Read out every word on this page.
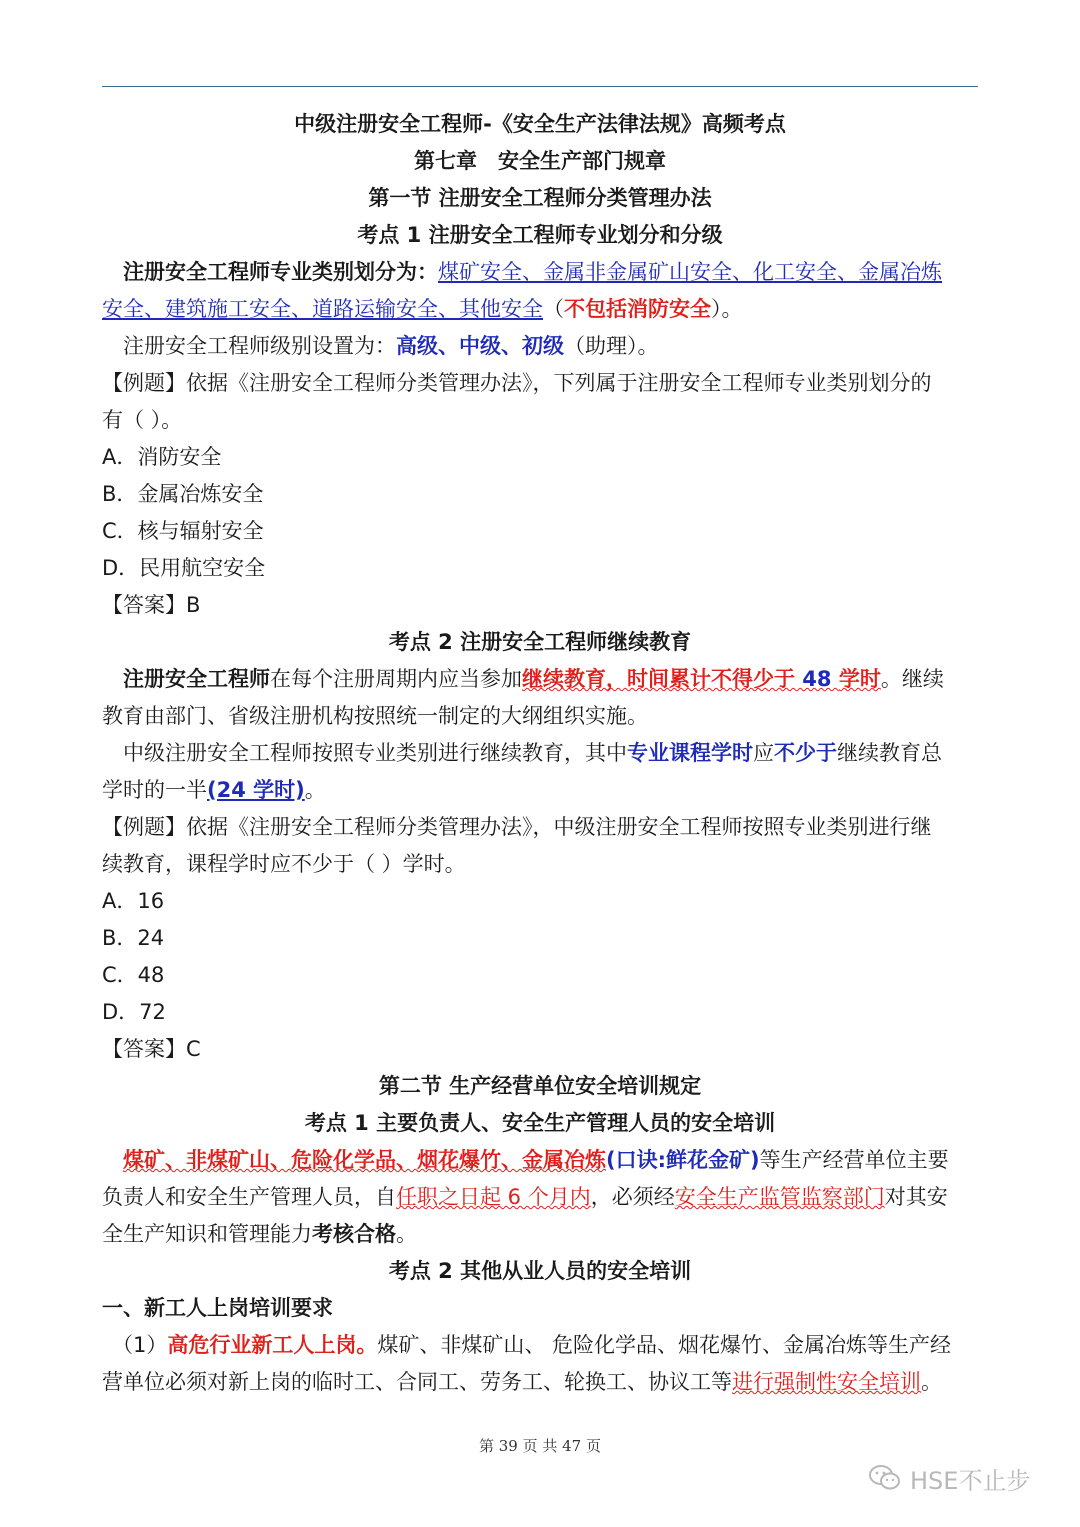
中级注册安全工程师-《安全生产法律法规》高频考点
第七章　安全生产部门规章
第一节 注册安全工程师分类管理办法
考点 1 注册安全工程师专业划分和分级
注册安全工程师专业类别划分为：煤矿安全、金属非金属矿山安全、化工安全、金属冶炼
安全、建筑施工安全、道路运输安全、其他安全（不包括消防安全）。
注册安全工程师级别设置为：高级、中级、初级（助理）。
【例题】依据《注册安全工程师分类管理办法》，下列属于注册安全工程师专业类别划分的
有（ ）。
A．消防安全
B．金属冶炼安全
C．核与辐射安全
D．民用航空安全
【答案】B
考点 2 注册安全工程师继续教育
注册安全工程师在每个注册周期内应当参加继续教育，时间累计不得少于 48 学时。继续
教育由部门、省级注册机构按照统一制定的大纲组织实施。
中级注册安全工程师按照专业类别进行继续教育，其中专业课程学时应不少于继续教育总
学时的一半(24 学时)。
【例题】依据《注册安全工程师分类管理办法》，中级注册安全工程师按照专业类别进行继
续教育，课程学时应不少于（ ）学时。
A．16
B．24
C．48
D．72
【答案】C
第二节 生产经营单位安全培训规定
考点 1 主要负责人、安全生产管理人员的安全培训
煤矿、非煤矿山、危险化学品、烟花爆竹、金属冶炼(口诀:鲜花金矿)等生产经营单位主要
负责人和安全生产管理人员，自任职之日起 6 个月内，必须经安全生产监管监察部门对其安
全生产知识和管理能力考核合格。
考点 2 其他从业人员的安全培训
一、新工人上岗培训要求
（1）高危行业新工人上岗。煤矿、非煤矿山、 危险化学品、烟花爆竹、金属冶炼等生产经
营单位必须对新上岗的临时工、合同工、劳务工、轮换工、协议工等进行强制性安全培训。
第 39 页 共 47 页
HSE不止步
